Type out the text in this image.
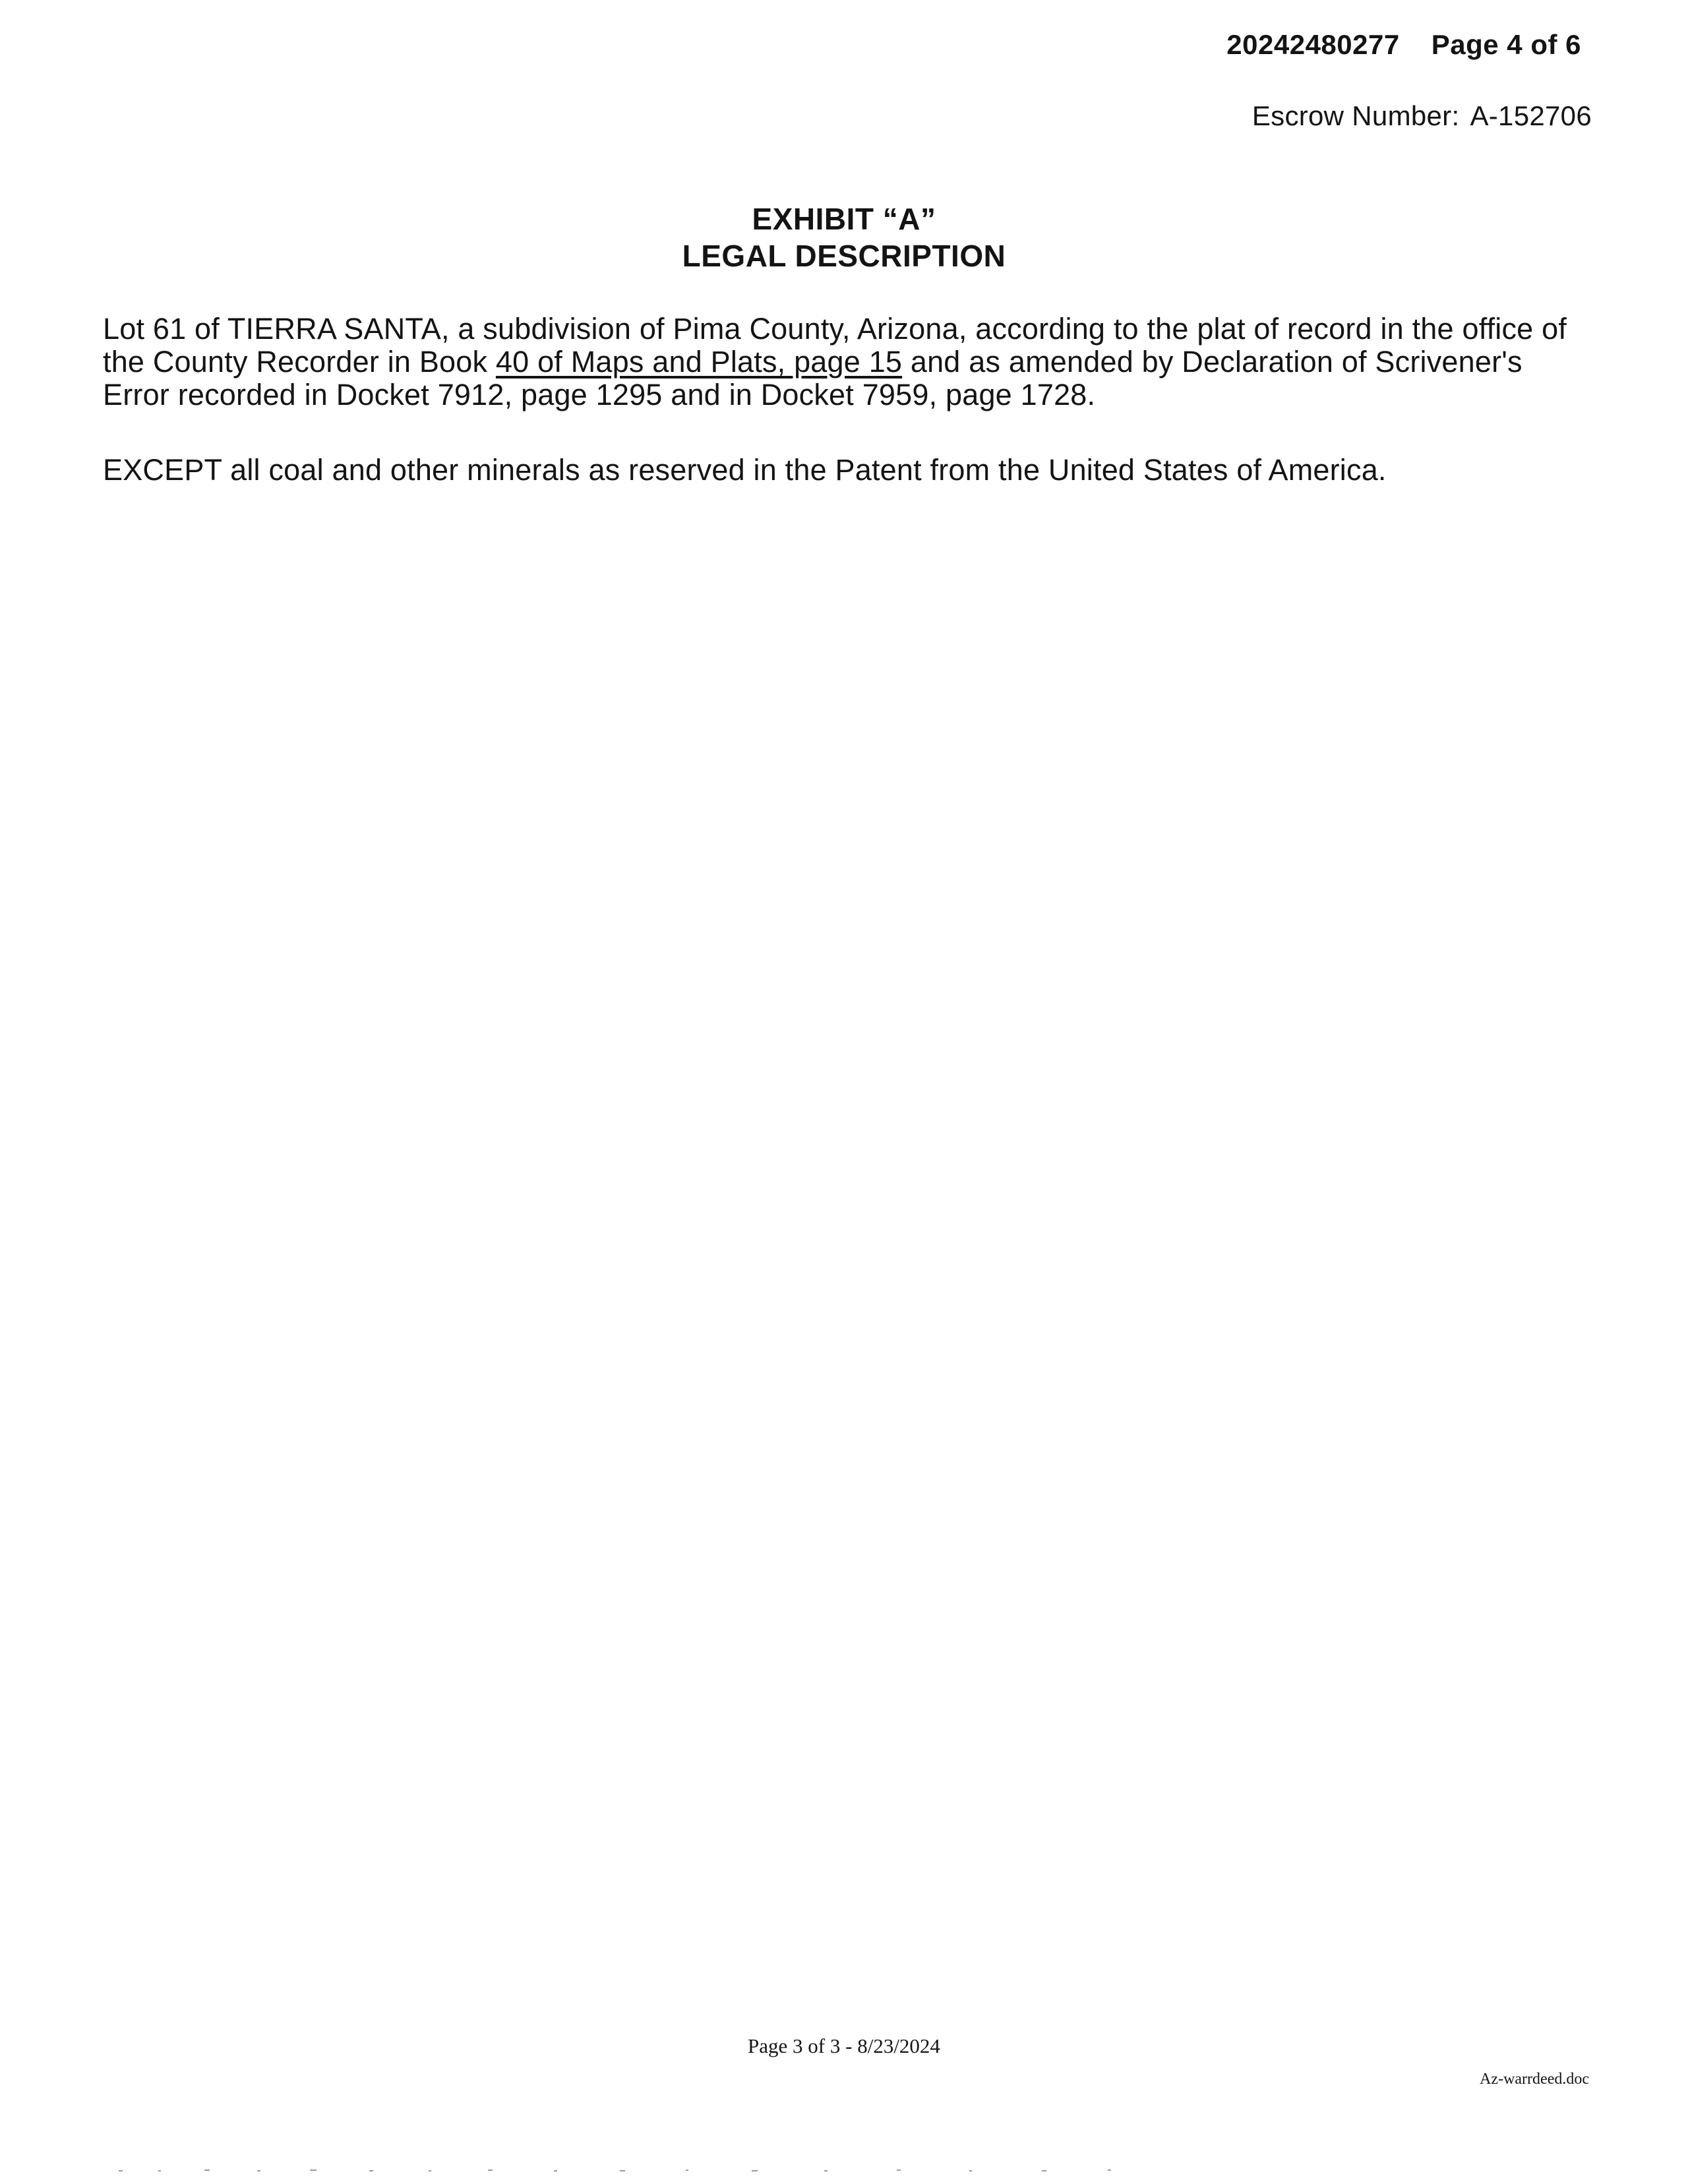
20242480277 Page 4 of 6
Escrow Number: A-152706
EXHIBIT “A”
LEGAL DESCRIPTION

Lot 61 of TIERRA SANTA, a subdivision of Pima County, Arizona, according to the plat of record in the office of the County Recorder in Book 40 of Maps and Plats, page 15 and as amended by Declaration of Scrivener's Error recorded in Docket 7912, page 1295 and in Docket 7959, page 1728.

EXCEPT all coal and other minerals as reserved in the Patent from the United States of America.

Page 3 of 3 - 8/23/2024
Az-warrdeed.doc
